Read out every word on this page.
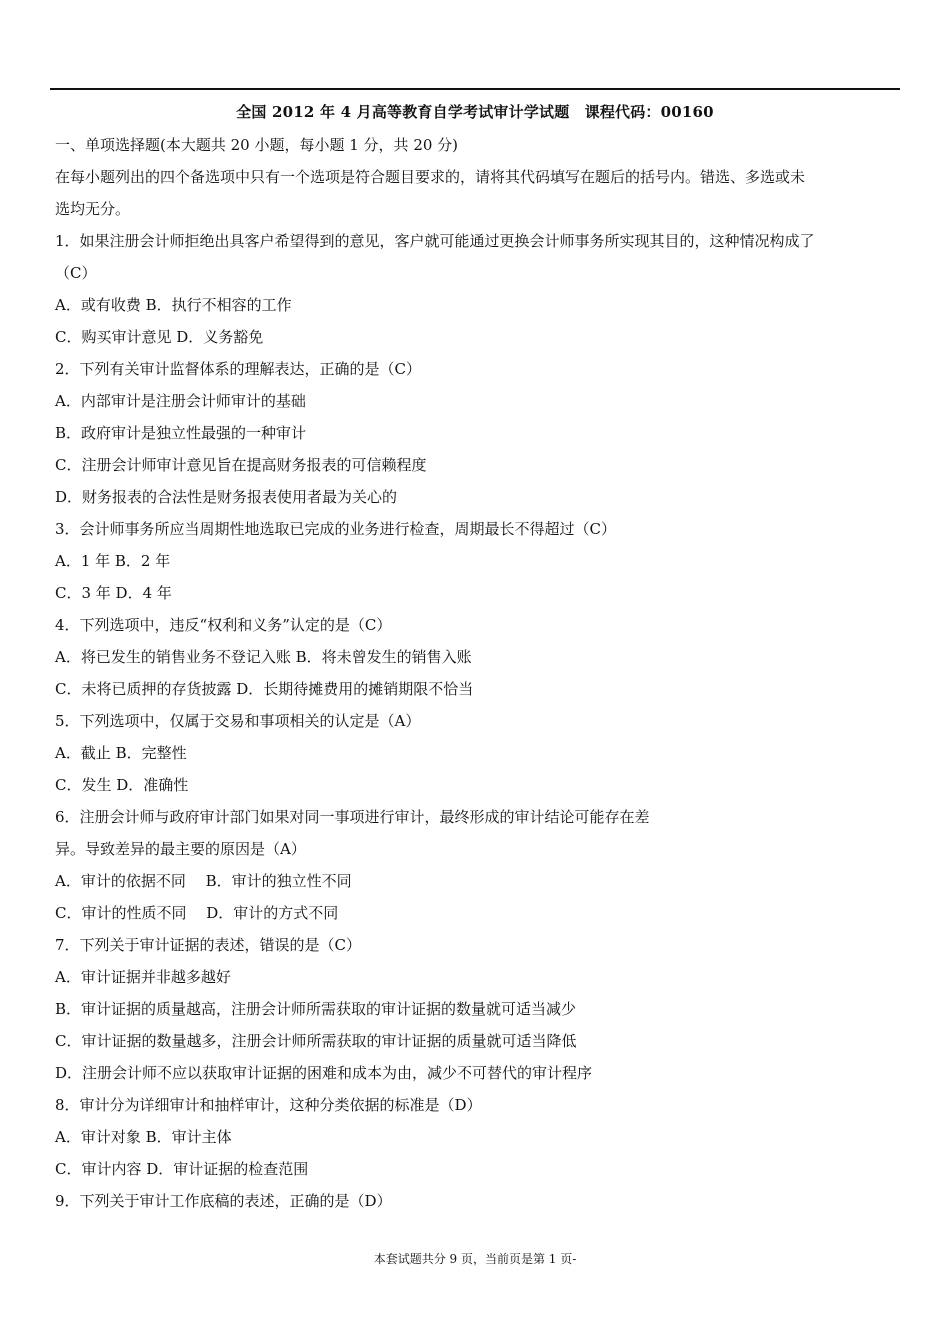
全国 2012 年 4 月高等教育自学考试审计学试题　课程代码：00160
一、单项选择题(本大题共 20 小题，每小题 1 分，共 20 分)
在每小题列出的四个备选项中只有一个选项是符合题目要求的，请将其代码填写在题后的括号内。错选、多选或未
选均无分。
1．如果注册会计师拒绝出具客户希望得到的意见，客户就可能通过更换会计师事务所实现其目的，这种情况构成了
（C）
A．或有收费 B．执行不相容的工作
C．购买审计意见 D．义务豁免
2．下列有关审计监督体系的理解表达，正确的是（C）
A．内部审计是注册会计师审计的基础
B．政府审计是独立性最强的一种审计
C．注册会计师审计意见旨在提高财务报表的可信赖程度
D．财务报表的合法性是财务报表使用者最为关心的
3．会计师事务所应当周期性地选取已完成的业务进行检查，周期最长不得超过（C）
A．1 年 B．2 年
C．3 年 D．4 年
4．下列选项中，违反“权利和义务”认定的是（C）
A．将已发生的销售业务不登记入账 B．将未曾发生的销售入账
C．未将已质押的存货披露 D．长期待摊费用的摊销期限不恰当
5．下列选项中，仅属于交易和事项相关的认定是（A）
A．截止 B．完整性
C．发生 D．准确性
6．注册会计师与政府审计部门如果对同一事项进行审计，最终形成的审计结论可能存在差
异。导致差异的最主要的原因是（A）
A．审计的依据不同　 B．审计的独立性不同
C．审计的性质不同　 D．审计的方式不同
7．下列关于审计证据的表述，错误的是（C）
A．审计证据并非越多越好
B．审计证据的质量越高，注册会计师所需获取的审计证据的数量就可适当减少
C．审计证据的数量越多，注册会计师所需获取的审计证据的质量就可适当降低
D．注册会计师不应以获取审计证据的困难和成本为由，减少不可替代的审计程序
8．审计分为详细审计和抽样审计，这种分类依据的标准是（D）
A．审计对象 B．审计主体
C．审计内容 D．审计证据的检查范围
9．下列关于审计工作底稿的表述，正确的是（D）
本套试题共分 9 页，当前页是第 1 页-
